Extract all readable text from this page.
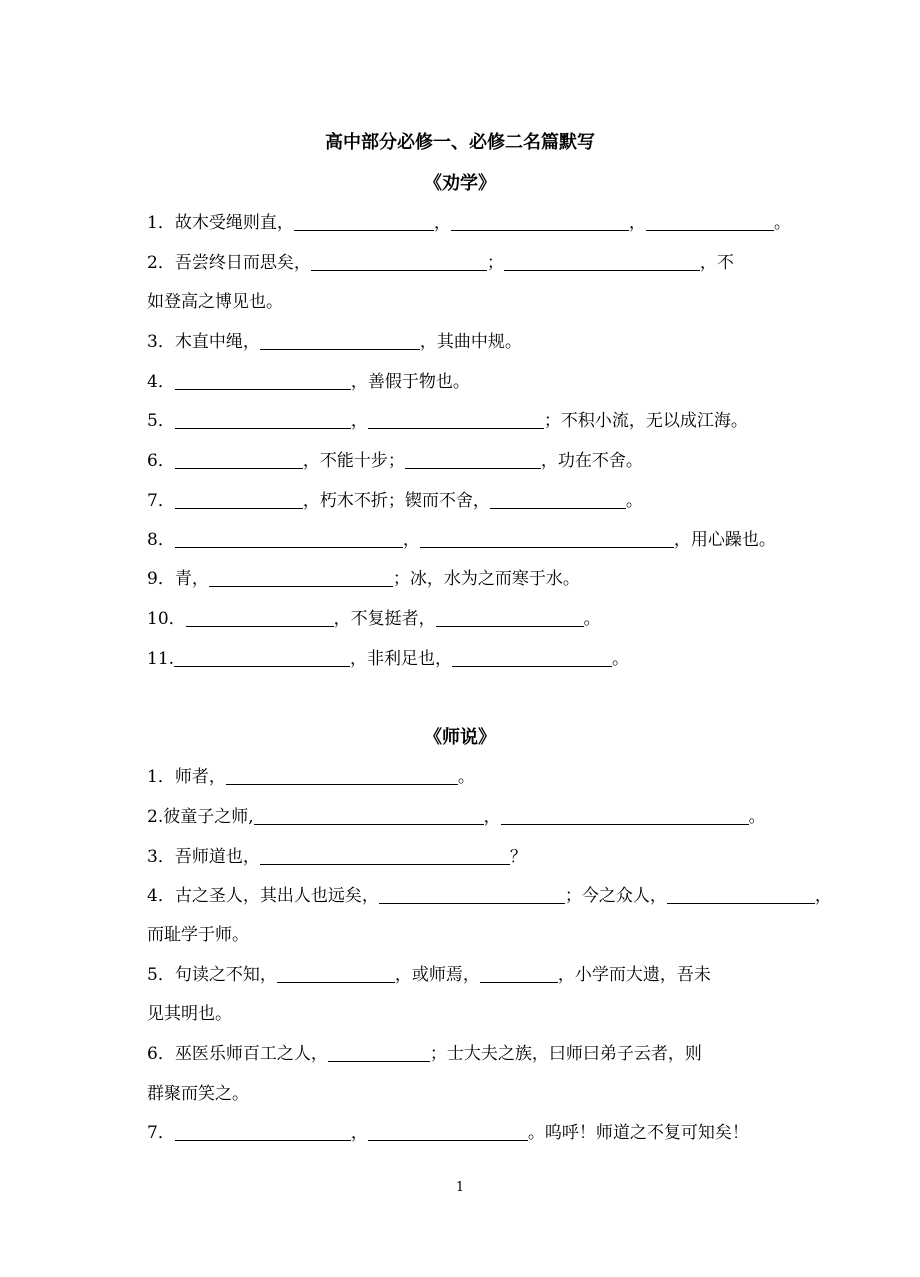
高中部分必修一、必修二名篇默写
《劝学》
1．故木受绳则直，	，	，	。
2．吾尝终日而思矣，	；	，不
如登高之博见也。
3．木直中绳，	，其曲中规。
4．	，善假于物也。
5．	，	；不积小流，无以成江海。
6．	，不能十步；	，功在不舍。
7．	，朽木不折；锲而不舍，	。
8．	，	，用心躁也。
9．青，	；冰，水为之而寒于水。
10．	，不复挺者，	。
11.	，非利足也，	。
《师说》
1．师者，	。
2.彼童子之师,	，	。
3．吾师道也，	？
4．古之圣人，其出人也远矣，	；今之众人，	，
而耻学于师。
5．句读之不知，	，或师焉，	，小学而大遗，吾未
见其明也。
6．巫医乐师百工之人，	；士大夫之族，曰师曰弟子云者，则
群聚而笑之。
7．	，	。呜呼！师道之不复可知矣！
1
